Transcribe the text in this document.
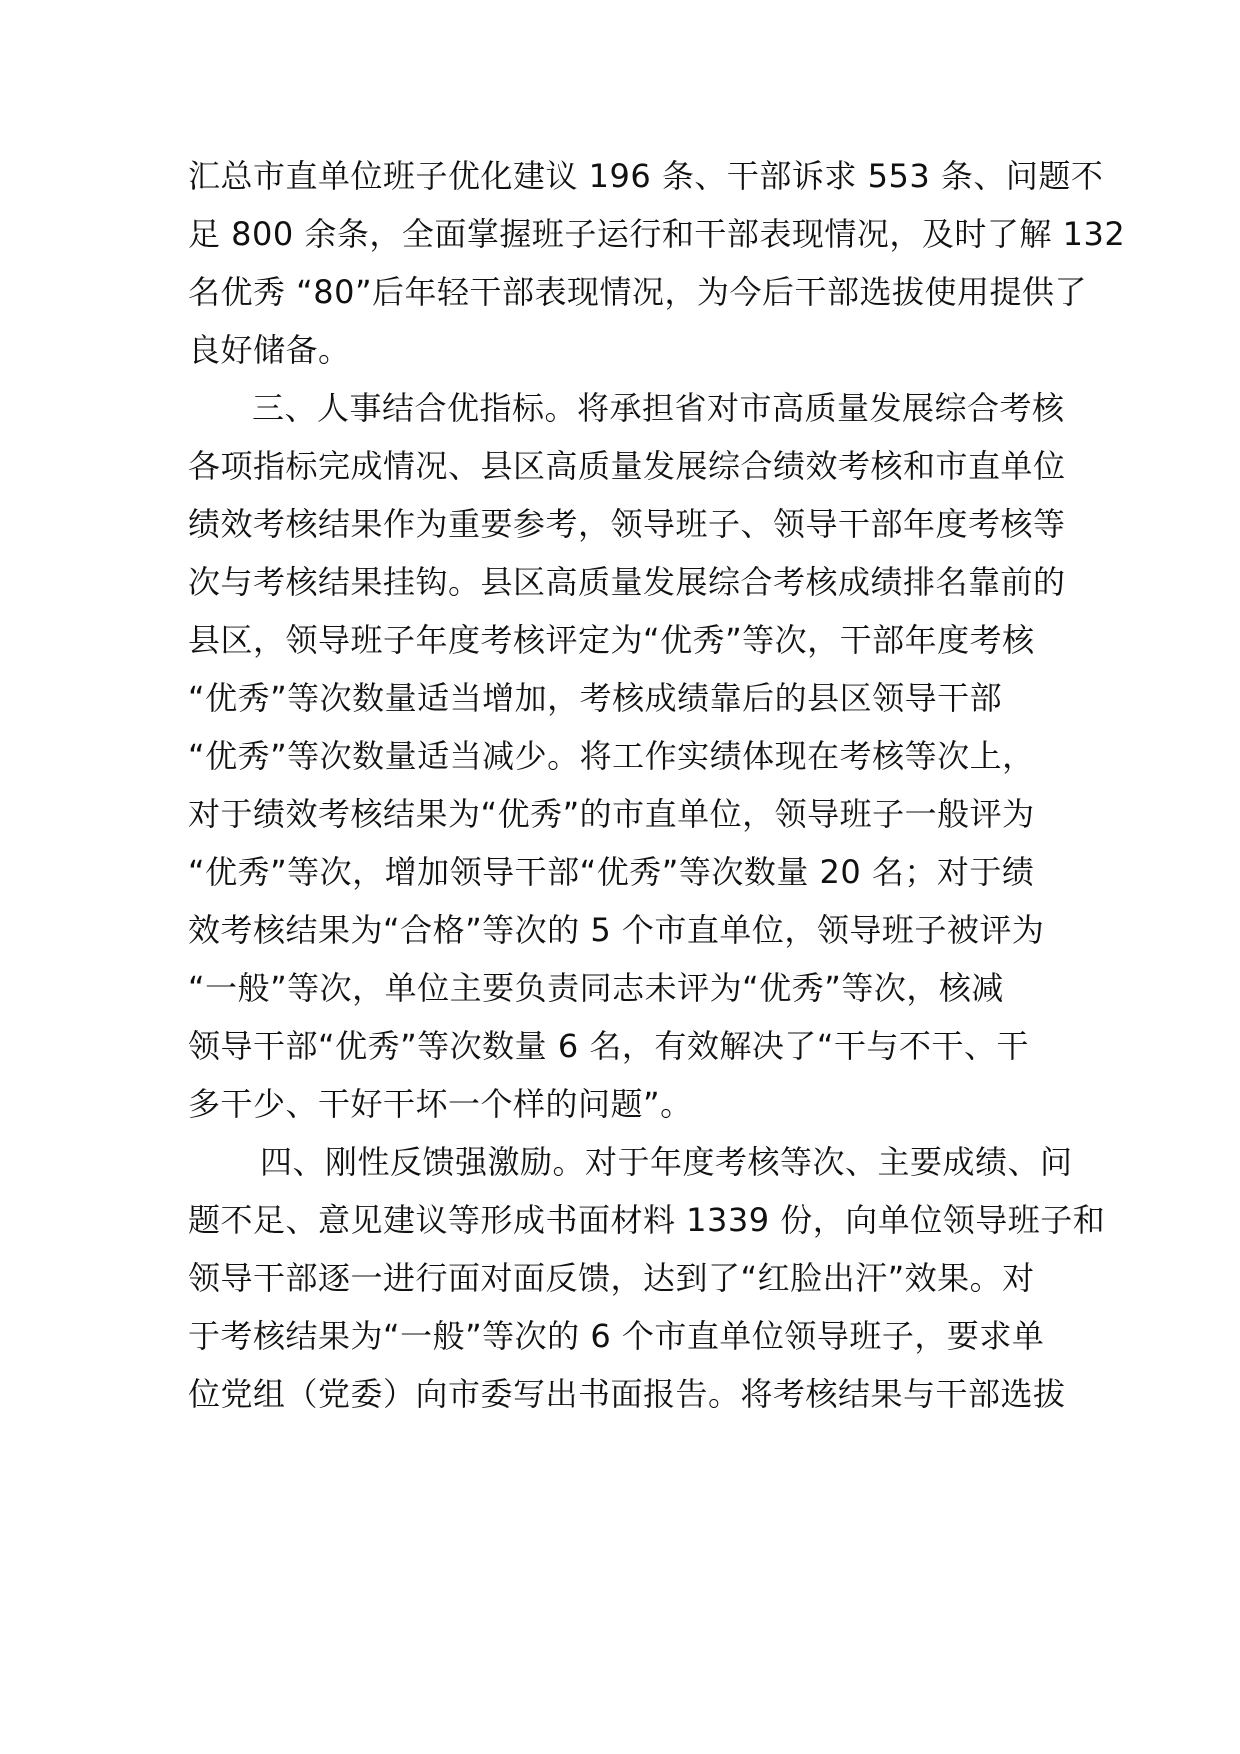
汇总市直单位班子优化建议 196 条、干部诉求 553 条、问题不
足 800 余条，全面掌握班子运行和干部表现情况，及时了解 132
名优秀 “80”后年轻干部表现情况，为今后干部选拔使用提供了
良好储备。
三、人事结合优指标。将承担省对市高质量发展综合考核
各项指标完成情况、县区高质量发展综合绩效考核和市直单位
绩效考核结果作为重要参考，领导班子、领导干部年度考核等
次与考核结果挂钩。县区高质量发展综合考核成绩排名靠前的
县区，领导班子年度考核评定为“优秀”等次，干部年度考核
“优秀”等次数量适当增加，考核成绩靠后的县区领导干部
“优秀”等次数量适当减少。将工作实绩体现在考核等次上，
对于绩效考核结果为“优秀”的市直单位，领导班子一般评为
“优秀”等次，增加领导干部“优秀”等次数量 20 名；对于绩
效考核结果为“合格”等次的 5 个市直单位，领导班子被评为
“一般”等次，单位主要负责同志未评为“优秀”等次，核减
领导干部“优秀”等次数量 6 名，有效解决了“干与不干、干
多干少、干好干坏一个样的问题”。
四、刚性反馈强激励。对于年度考核等次、主要成绩、问
题不足、意见建议等形成书面材料 1339 份，向单位领导班子和
领导干部逐一进行面对面反馈，达到了“红脸出汗”效果。对
于考核结果为“一般”等次的 6 个市直单位领导班子，要求单
位党组（党委）向市委写出书面报告。将考核结果与干部选拔
